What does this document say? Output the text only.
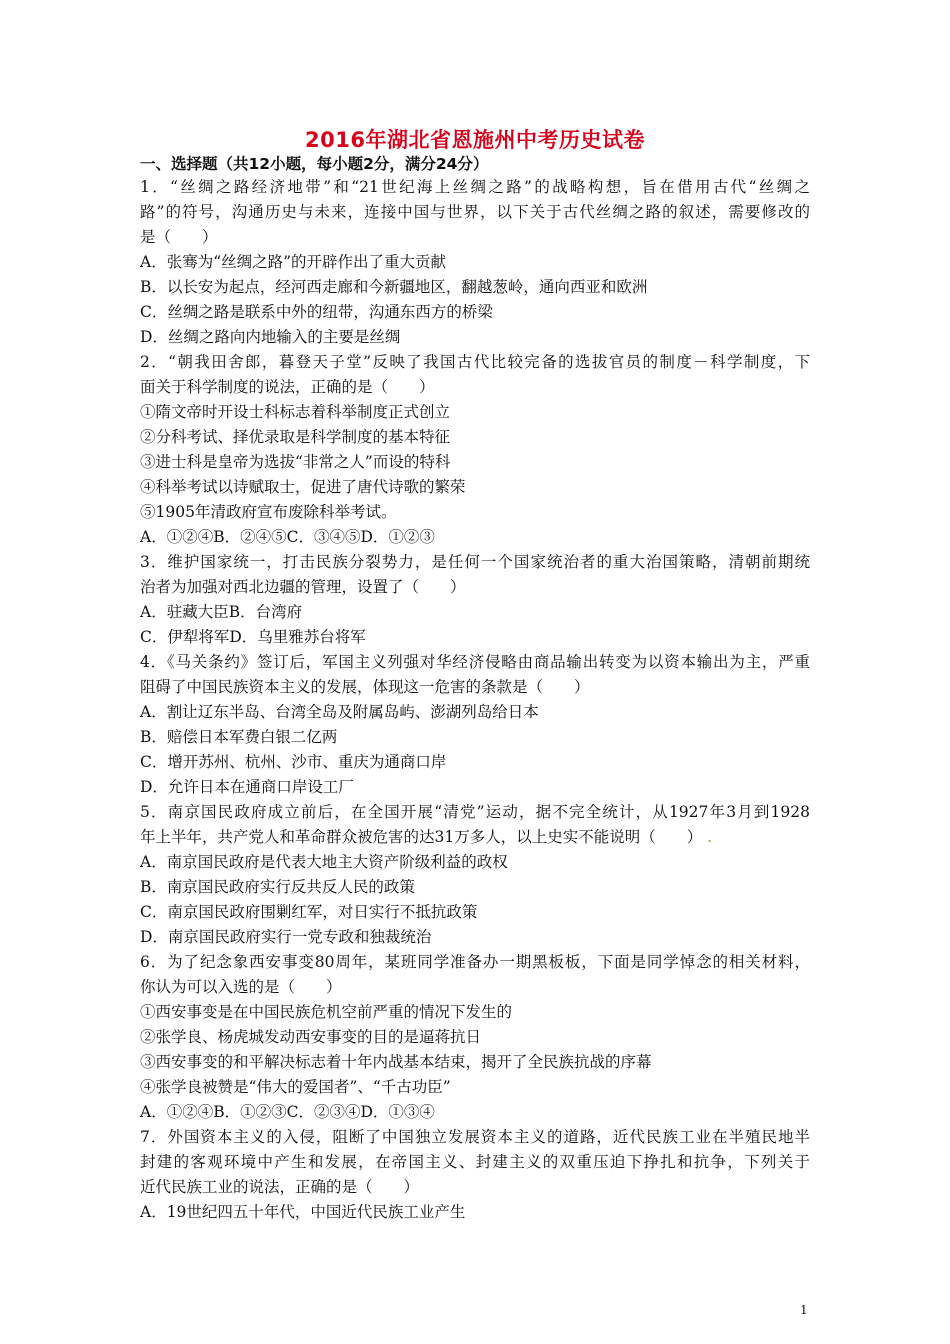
2016年湖北省恩施州中考历史试卷
一、选择题（共12小题，每小题2分，满分24分）
1．“丝绸之路经济地带”和“21世纪海上丝绸之路”的战略构想，旨在借用古代“丝绸之
路”的符号，沟通历史与未来，连接中国与世界，以下关于古代丝绸之路的叙述，需要修改的
是（　　）
A．张骞为“丝绸之路”的开辟作出了重大贡献
B．以长安为起点，经河西走廊和今新疆地区，翻越葱岭，通向西亚和欧洲
C．丝绸之路是联系中外的纽带，沟通东西方的桥梁
D．丝绸之路向内地输入的主要是丝绸
2．“朝我田舍郎，暮登天子堂”反映了我国古代比较完备的选拔官员的制度－科学制度，下
面关于科学制度的说法，正确的是（　　）
①隋文帝时开设士科标志着科举制度正式创立
②分科考试、择优录取是科学制度的基本特征
③进士科是皇帝为选拔“非常之人”而设的特科
④科举考试以诗赋取士，促进了唐代诗歌的繁荣
⑤1905年清政府宣布废除科举考试。
A．①②④B．②④⑤C．③④⑤D．①②③
3．维护国家统一，打击民族分裂势力，是任何一个国家统治者的重大治国策略，清朝前期统
治者为加强对西北边疆的管理，设置了（　　）
A．驻藏大臣B．台湾府
C．伊犁将军D．乌里雅苏台将军
4．《马关条约》签订后，军国主义列强对华经济侵略由商品输出转变为以资本输出为主，严重
阻碍了中国民族资本主义的发展，体现这一危害的条款是（　　）
A．割让辽东半岛、台湾全岛及附属岛屿、澎湖列岛给日本
B．赔偿日本军费白银二亿两
C．增开苏州、杭州、沙市、重庆为通商口岸
D．允许日本在通商口岸设工厂
5．南京国民政府成立前后，在全国开展“清党”运动，据不完全统计，从1927年3月到1928
年上半年，共产党人和革命群众被危害的达31万多人，以上史实不能说明（　　） .
A．南京国民政府是代表大地主大资产阶级利益的政权
B．南京国民政府实行反共反人民的政策
C．南京国民政府围剿红军，对日实行不抵抗政策
D．南京国民政府实行一党专政和独裁统治
6．为了纪念象西安事变80周年，某班同学准备办一期黑板板，下面是同学悼念的相关材料，
你认为可以入选的是（　　）
①西安事变是在中国民族危机空前严重的情况下发生的
②张学良、杨虎城发动西安事变的目的是逼蒋抗日
③西安事变的和平解决标志着十年内战基本结束，揭开了全民族抗战的序幕
④张学良被赞是“伟大的爱国者”、“千古功臣”
A．①②④B．①②③C．②③④D．①③④
7．外国资本主义的入侵，阻断了中国独立发展资本主义的道路，近代民族工业在半殖民地半
封建的客观环境中产生和发展，在帝国主义、封建主义的双重压迫下挣扎和抗争，下列关于
近代民族工业的说法，正确的是（　　）
A．19世纪四五十年代，中国近代民族工业产生
1
